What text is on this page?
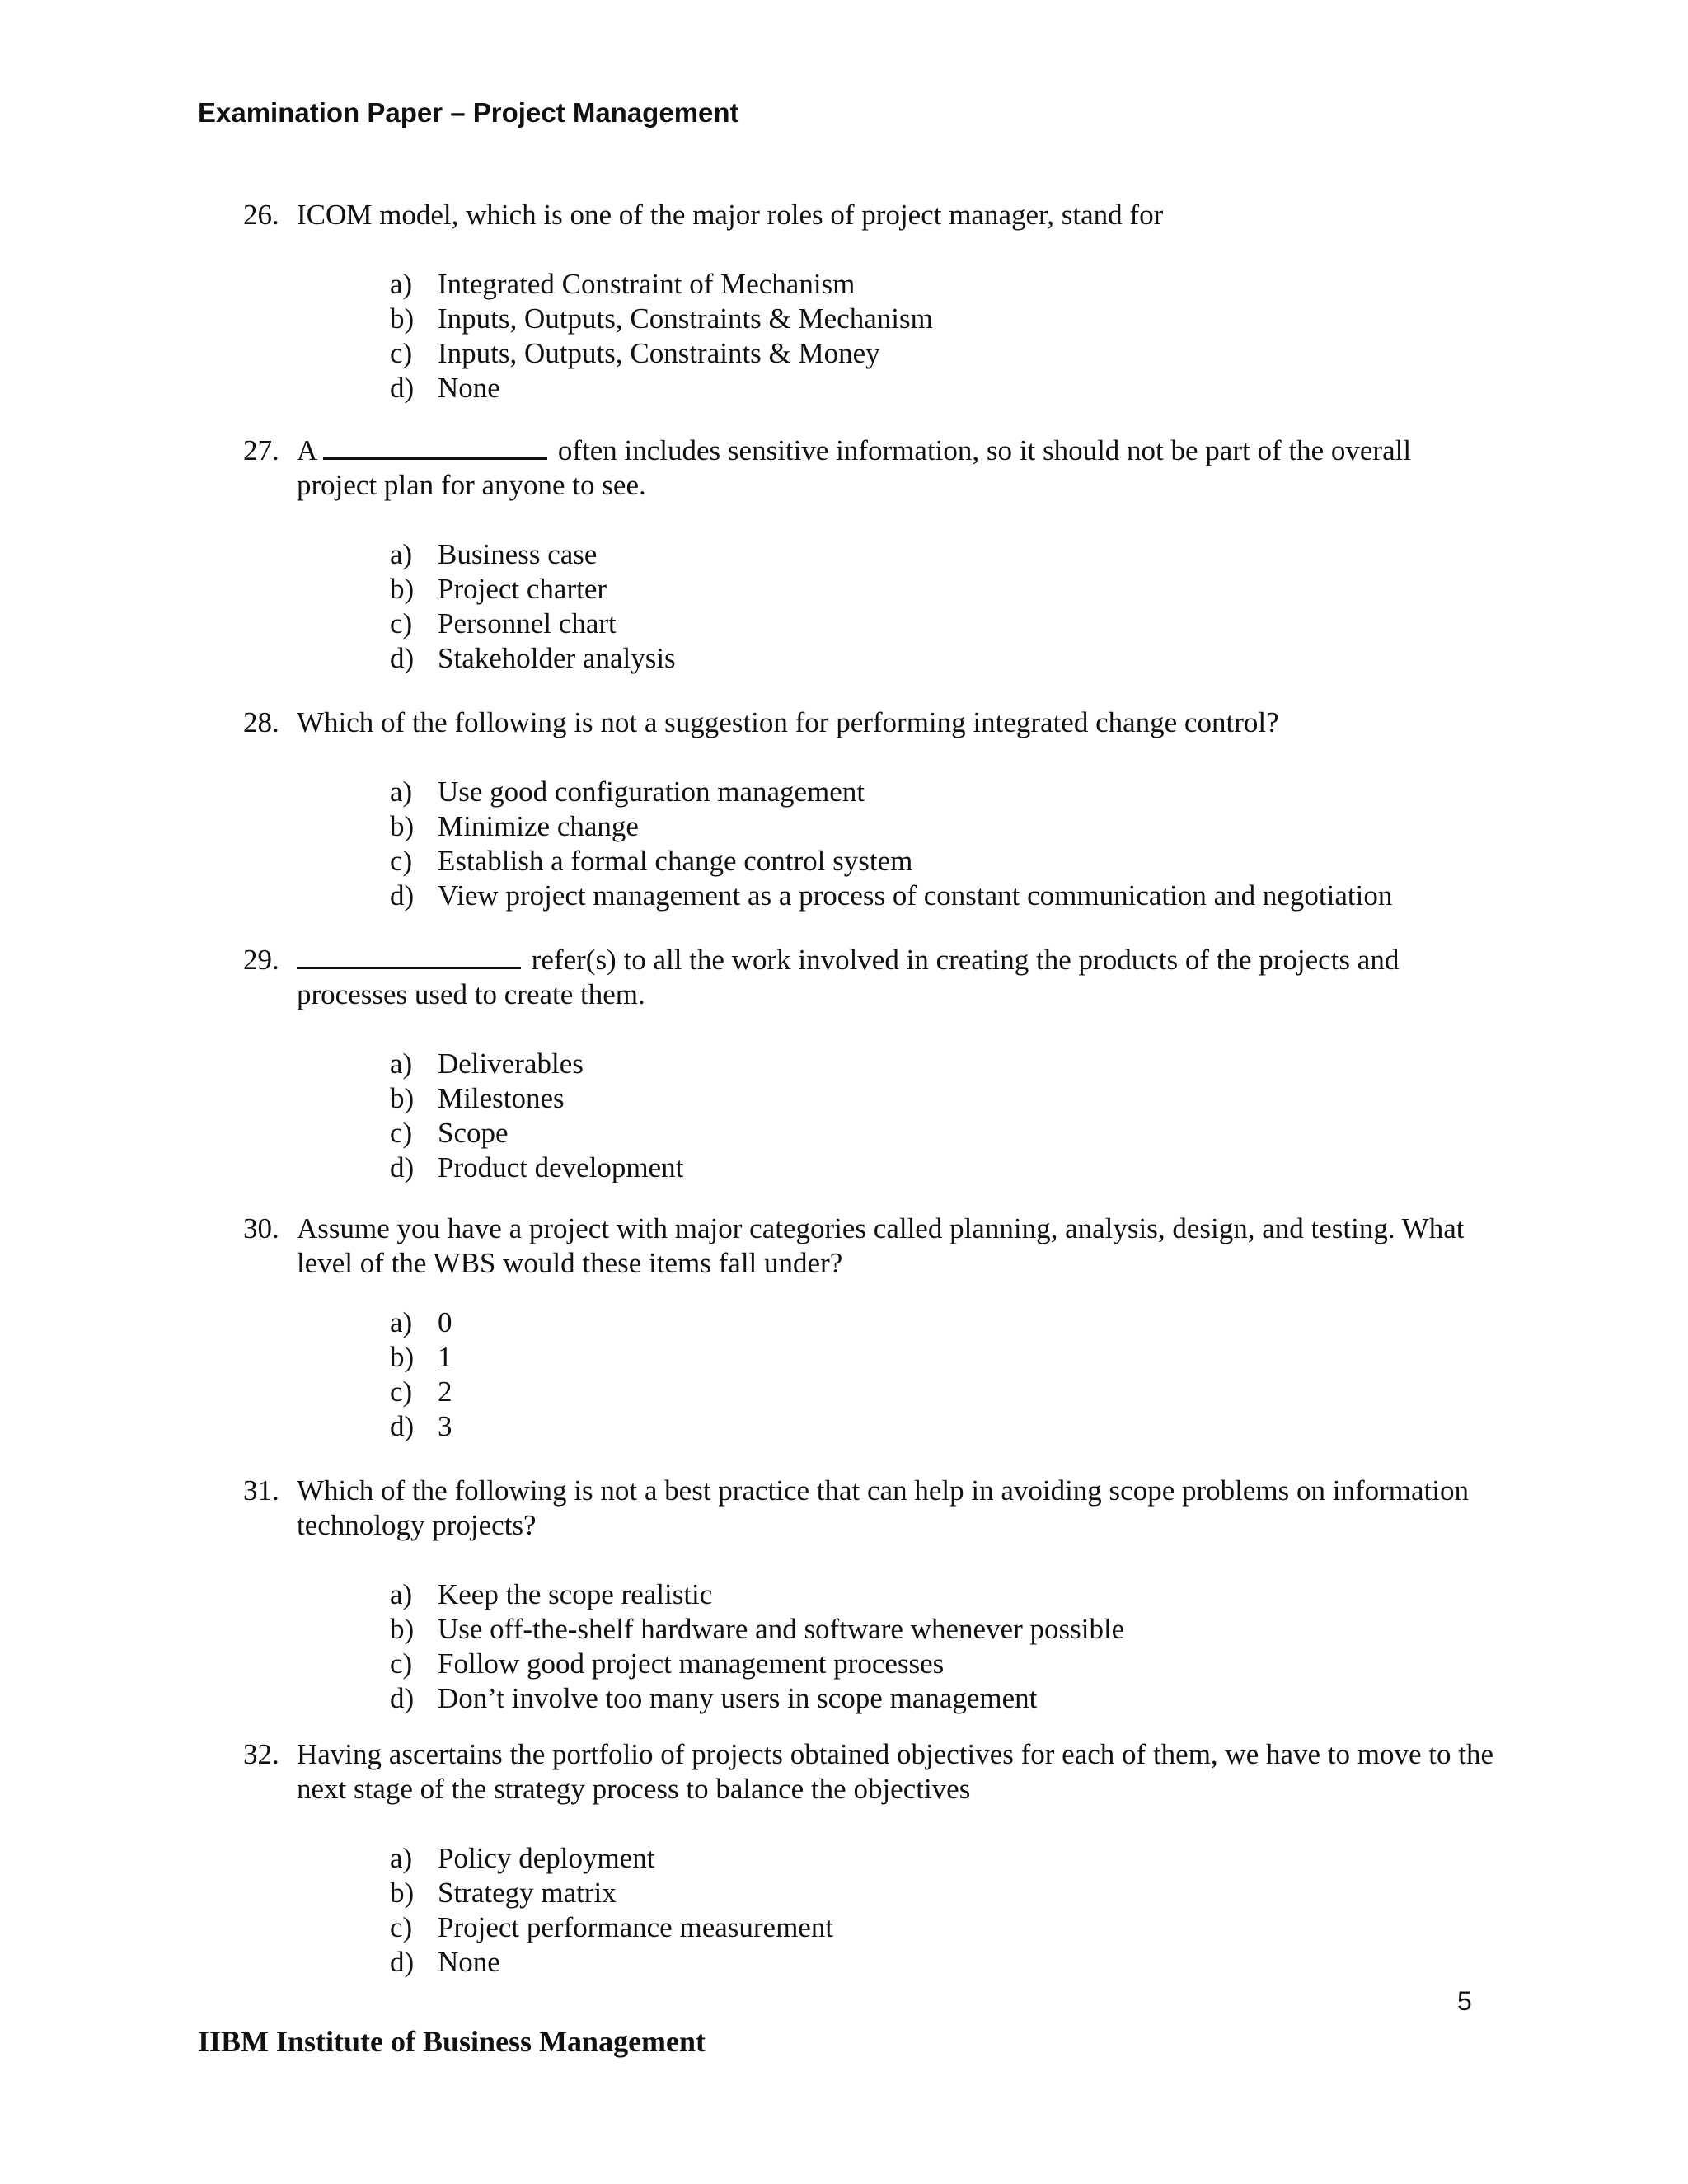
Examination Paper – Project Management
26. ICOM model, which is one of the major roles of project manager, stand for
a) Integrated Constraint of Mechanism
b) Inputs, Outputs, Constraints & Mechanism
c) Inputs, Outputs, Constraints & Money
d) None
27. A	often includes sensitive information, so it should not be part of the overall project plan for anyone to see.
a) Business case
b) Project charter
c) Personnel chart
d) Stakeholder analysis
28. Which of the following is not a suggestion for performing integrated change control?
a) Use good configuration management
b) Minimize change
c) Establish a formal change control system
d) View project management as a process of constant communication and negotiation
29.	refer(s) to all the work involved in creating the products of the projects and processes used to create them.
a) Deliverables
b) Milestones
c) Scope
d) Product development
30. Assume you have a project with major categories called planning, analysis, design, and testing. What level of the WBS would these items fall under?
a) 0
b) 1
c) 2
d) 3
31. Which of the following is not a best practice that can help in avoiding scope problems on information technology projects?
a) Keep the scope realistic
b) Use off-the-shelf hardware and software whenever possible
c) Follow good project management processes
d) Don’t involve too many users in scope management
32. Having ascertains the portfolio of projects obtained objectives for each of them, we have to move to the next stage of the strategy process to balance the objectives
a) Policy deployment
b) Strategy matrix
c) Project performance measurement
d) None
5
IIBM Institute of Business Management
